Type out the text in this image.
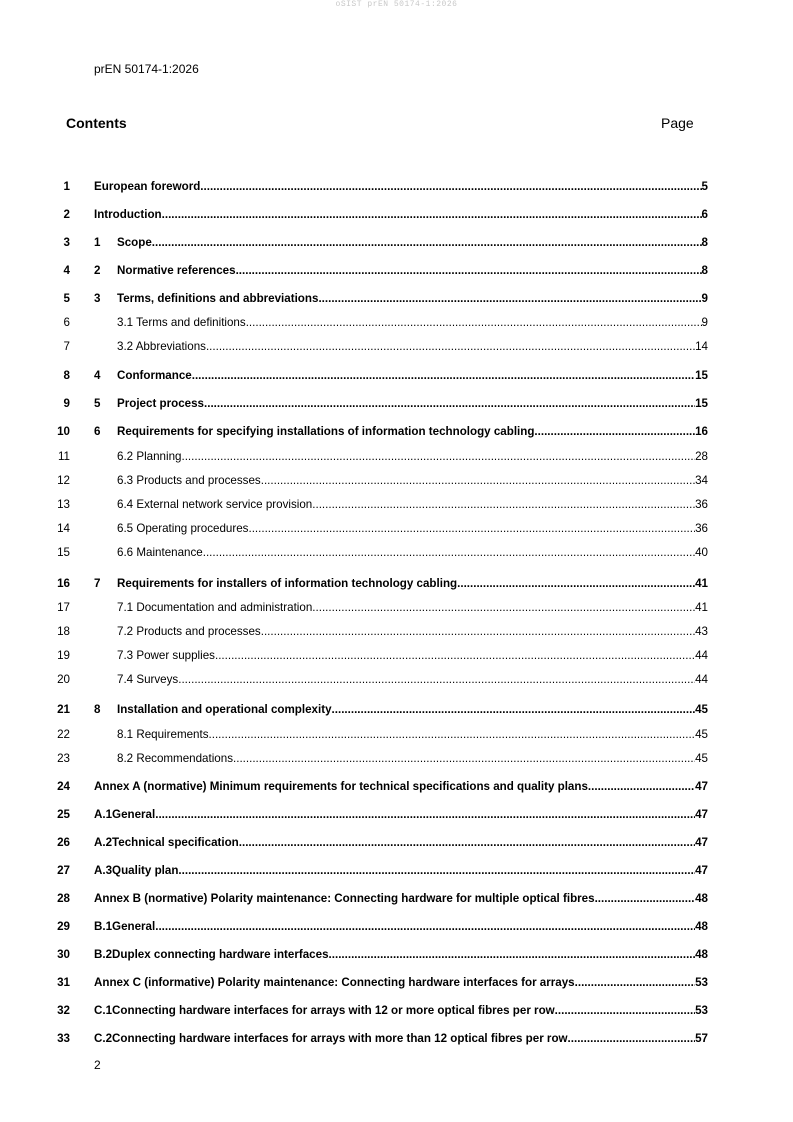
oSIST prEN 50174-1:2026
prEN 50174-1:2026
Contents	Page
1 European foreword .....	5
2 Introduction .....	6
3 1	Scope .....	8
4 2	Normative references .....	8
5 3	Terms, definitions and abbreviations .....	9
6	3.1 Terms and definitions .....	9
7	3.2 Abbreviations .....	14
8 4	Conformance .....	15
9 5	Project process .....	15
10 6	Requirements for specifying installations of information technology cabling .....	16
11	6.2 Planning .....	28
12	6.3 Products and processes .....	34
13	6.4 External network service provision .....	36
14	6.5 Operating procedures .....	36
15	6.6 Maintenance .....	40
16 7	Requirements for installers of information technology cabling .....	41
17	7.1 Documentation and administration .....	41
18	7.2 Products and processes .....	43
19	7.3 Power supplies .....	44
20	7.4 Surveys .....	44
21 8	Installation and operational complexity .....	45
22	8.1 Requirements .....	45
23	8.2 Recommendations .....	45
24 Annex A (normative) Minimum requirements for technical specifications and quality plans .....	47
25 A.1 General .....	47
26 A.2 Technical specification .....	47
27 A.3 Quality plan .....	47
28 Annex B (normative) Polarity maintenance: Connecting hardware for multiple optical fibres .....	48
29 B.1 General .....	48
30 B.2 Duplex connecting hardware interfaces .....	48
31 Annex C (informative) Polarity maintenance: Connecting hardware interfaces for arrays .....	53
32 C.1 Connecting hardware interfaces for arrays with 12 or more optical fibres per row .....	53
33 C.2 Connecting hardware interfaces for arrays with more than 12 optical fibres per row .....	57
2
